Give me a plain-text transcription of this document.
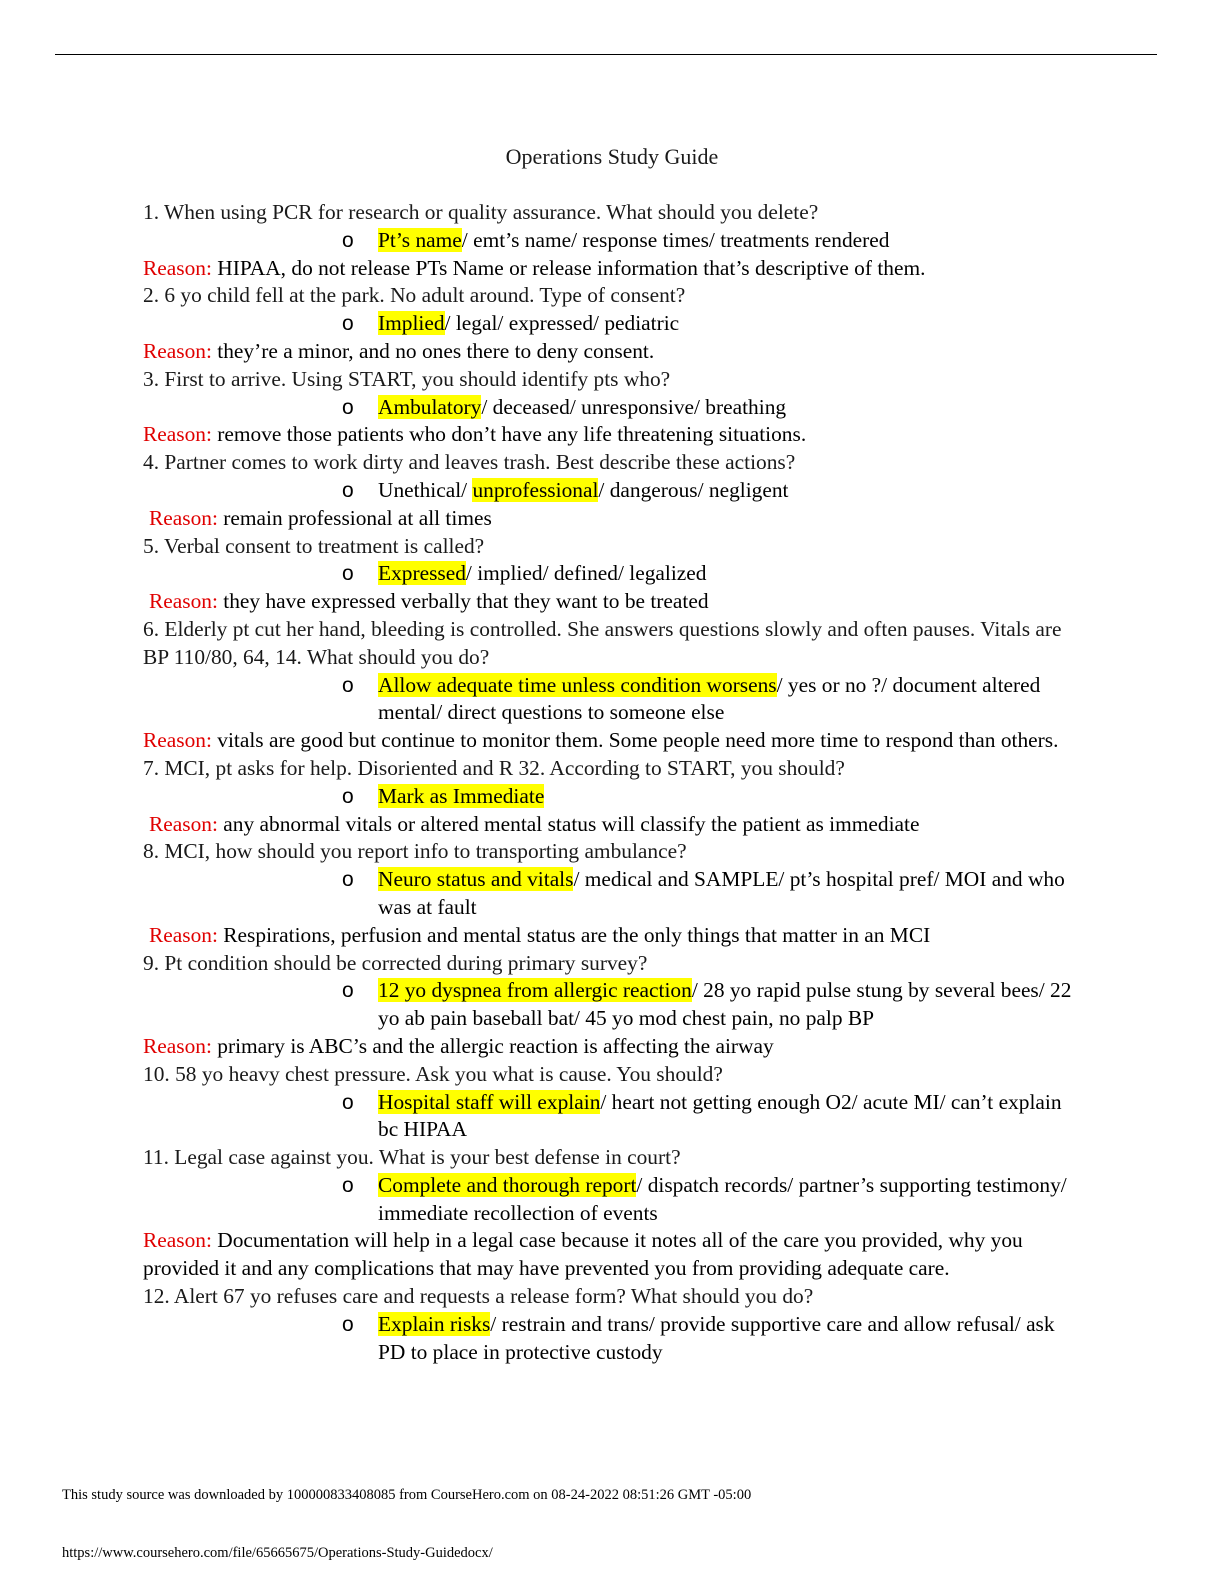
Operations Study Guide
1. When using PCR for research or quality assurance. What should you delete?
o Pt’s name/ emt’s name/ response times/ treatments rendered
Reason: HIPAA, do not release PTs Name or release information that’s descriptive of them.
2. 6 yo child fell at the park. No adult around. Type of consent?
o Implied/ legal/ expressed/ pediatric
Reason: they’re a minor, and no ones there to deny consent.
3. First to arrive. Using START, you should identify pts who?
o Ambulatory/ deceased/ unresponsive/ breathing
Reason: remove those patients who don’t have any life threatening situations.
4. Partner comes to work dirty and leaves trash. Best describe these actions?
o Unethical/ unprofessional/ dangerous/ negligent
Reason: remain professional at all times
5. Verbal consent to treatment is called?
o Expressed/ implied/ defined/ legalized
Reason: they have expressed verbally that they want to be treated
6. Elderly pt cut her hand, bleeding is controlled. She answers questions slowly and often pauses. Vitals are BP 110/80, 64, 14. What should you do?
o Allow adequate time unless condition worsens/ yes or no ?/ document altered mental/ direct questions to someone else
Reason: vitals are good but continue to monitor them. Some people need more time to respond than others.
7. MCI, pt asks for help. Disoriented and R 32. According to START, you should?
o Mark as Immediate
Reason: any abnormal vitals or altered mental status will classify the patient as immediate
8. MCI, how should you report info to transporting ambulance?
o Neuro status and vitals/ medical and SAMPLE/ pt’s hospital pref/ MOI and who was at fault
Reason: Respirations, perfusion and mental status are the only things that matter in an MCI
9. Pt condition should be corrected during primary survey?
o 12 yo dyspnea from allergic reaction/ 28 yo rapid pulse stung by several bees/ 22 yo ab pain baseball bat/ 45 yo mod chest pain, no palp BP
Reason: primary is ABC’s and the allergic reaction is affecting the airway
10. 58 yo heavy chest pressure. Ask you what is cause. You should?
o Hospital staff will explain/ heart not getting enough O2/ acute MI/ can’t explain bc HIPAA
11. Legal case against you. What is your best defense in court?
o Complete and thorough report/ dispatch records/ partner’s supporting testimony/ immediate recollection of events
Reason: Documentation will help in a legal case because it notes all of the care you provided, why you provided it and any complications that may have prevented you from providing adequate care.
12. Alert 67 yo refuses care and requests a release form? What should you do?
o Explain risks/ restrain and trans/ provide supportive care and allow refusal/ ask PD to place in protective custody
This study source was downloaded by 100000833408085 from CourseHero.com on 08-24-2022 08:51:26 GMT -05:00
https://www.coursehero.com/file/65665675/Operations-Study-Guidedocx/
